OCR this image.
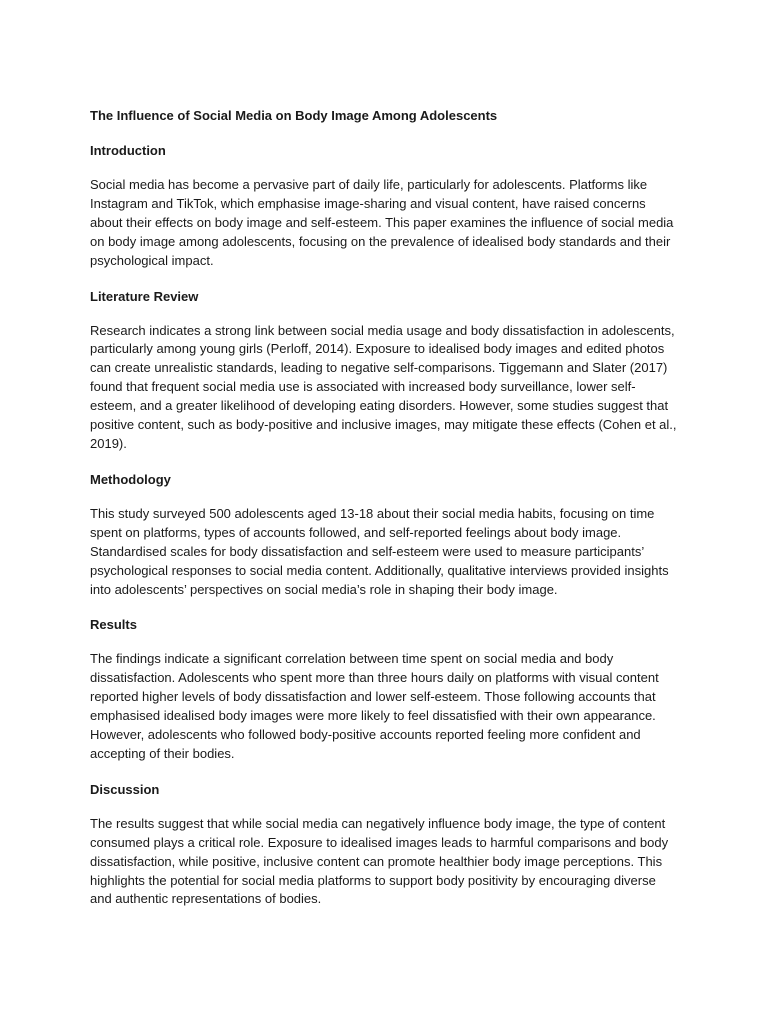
The Influence of Social Media on Body Image Among Adolescents
Introduction

Social media has become a pervasive part of daily life, particularly for adolescents. Platforms like Instagram and TikTok, which emphasise image-sharing and visual content, have raised concerns about their effects on body image and self-esteem. This paper examines the influence of social media on body image among adolescents, focusing on the prevalence of idealised body standards and their psychological impact.

Literature Review

Research indicates a strong link between social media usage and body dissatisfaction in adolescents, particularly among young girls (Perloff, 2014). Exposure to idealised body images and edited photos can create unrealistic standards, leading to negative self-comparisons. Tiggemann and Slater (2017) found that frequent social media use is associated with increased body surveillance, lower self-esteem, and a greater likelihood of developing eating disorders. However, some studies suggest that positive content, such as body-positive and inclusive images, may mitigate these effects (Cohen et al., 2019).

Methodology

This study surveyed 500 adolescents aged 13-18 about their social media habits, focusing on time spent on platforms, types of accounts followed, and self-reported feelings about body image. Standardised scales for body dissatisfaction and self-esteem were used to measure participants’ psychological responses to social media content. Additionally, qualitative interviews provided insights into adolescents’ perspectives on social media’s role in shaping their body image.

Results

The findings indicate a significant correlation between time spent on social media and body dissatisfaction. Adolescents who spent more than three hours daily on platforms with visual content reported higher levels of body dissatisfaction and lower self-esteem. Those following accounts that emphasised idealised body images were more likely to feel dissatisfied with their own appearance. However, adolescents who followed body-positive accounts reported feeling more confident and accepting of their bodies.

Discussion

The results suggest that while social media can negatively influence body image, the type of content consumed plays a critical role. Exposure to idealised images leads to harmful comparisons and body dissatisfaction, while positive, inclusive content can promote healthier body image perceptions. This highlights the potential for social media platforms to support body positivity by encouraging diverse and authentic representations of bodies.
